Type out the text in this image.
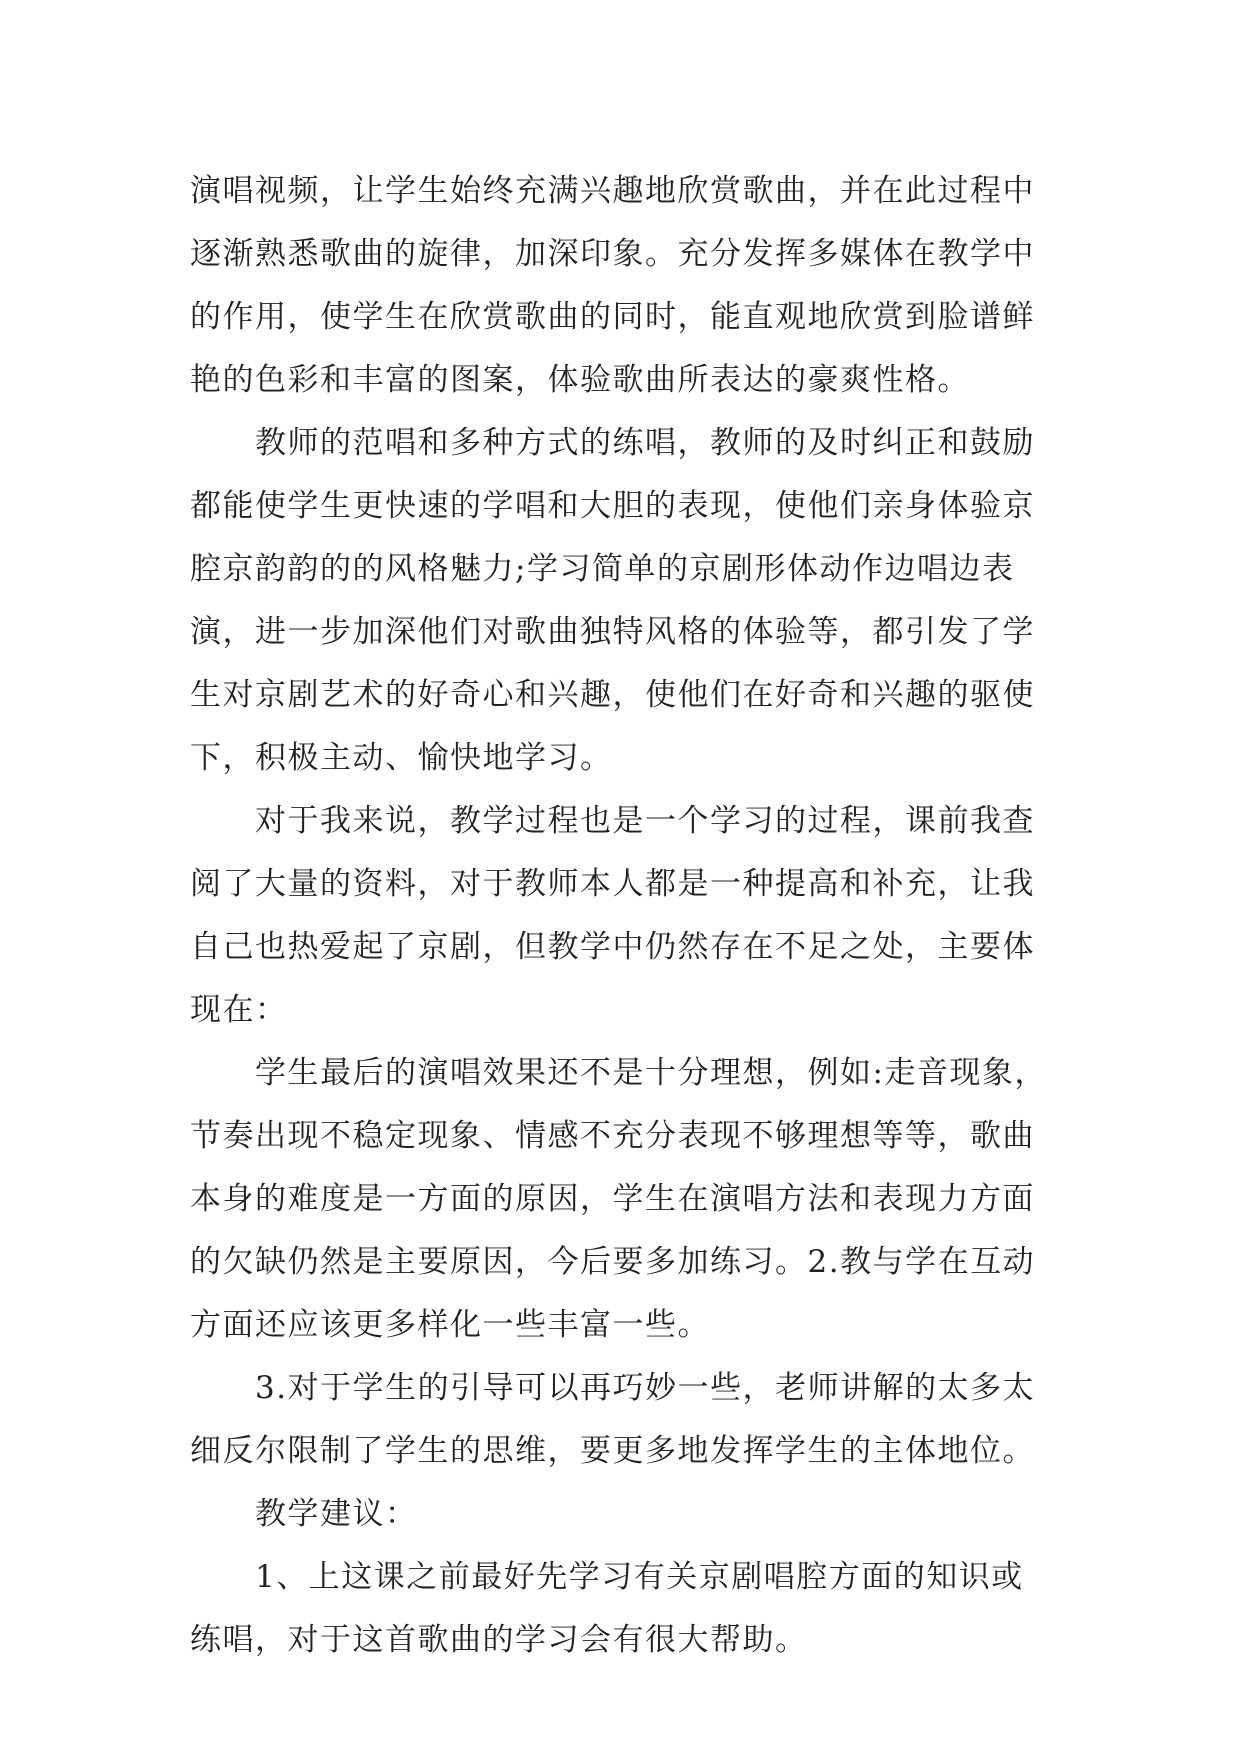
演唱视频，让学生始终充满兴趣地欣赏歌曲，并在此过程中
逐渐熟悉歌曲的旋律，加深印象。充分发挥多媒体在教学中
的作用，使学生在欣赏歌曲的同时，能直观地欣赏到脸谱鲜
艳的色彩和丰富的图案，体验歌曲所表达的豪爽性格。
　　教师的范唱和多种方式的练唱，教师的及时纠正和鼓励
都能使学生更快速的学唱和大胆的表现，使他们亲身体验京
腔京韵韵的的风格魅力;学习简单的京剧形体动作边唱边表
演，进一步加深他们对歌曲独特风格的体验等，都引发了学
生对京剧艺术的好奇心和兴趣，使他们在好奇和兴趣的驱使
下，积极主动、愉快地学习。
　　对于我来说，教学过程也是一个学习的过程，课前我查
阅了大量的资料，对于教师本人都是一种提高和补充，让我
自己也热爱起了京剧，但教学中仍然存在不足之处，主要体
现在：
　　学生最后的演唱效果还不是十分理想，例如:走音现象，
节奏出现不稳定现象、情感不充分表现不够理想等等，歌曲
本身的难度是一方面的原因，学生在演唱方法和表现力方面
的欠缺仍然是主要原因，今后要多加练习。2.教与学在互动
方面还应该更多样化一些丰富一些。
　　3.对于学生的引导可以再巧妙一些，老师讲解的太多太
细反尔限制了学生的思维，要更多地发挥学生的主体地位。
　　教学建议：
　　1、上这课之前最好先学习有关京剧唱腔方面的知识或
练唱，对于这首歌曲的学习会有很大帮助。
